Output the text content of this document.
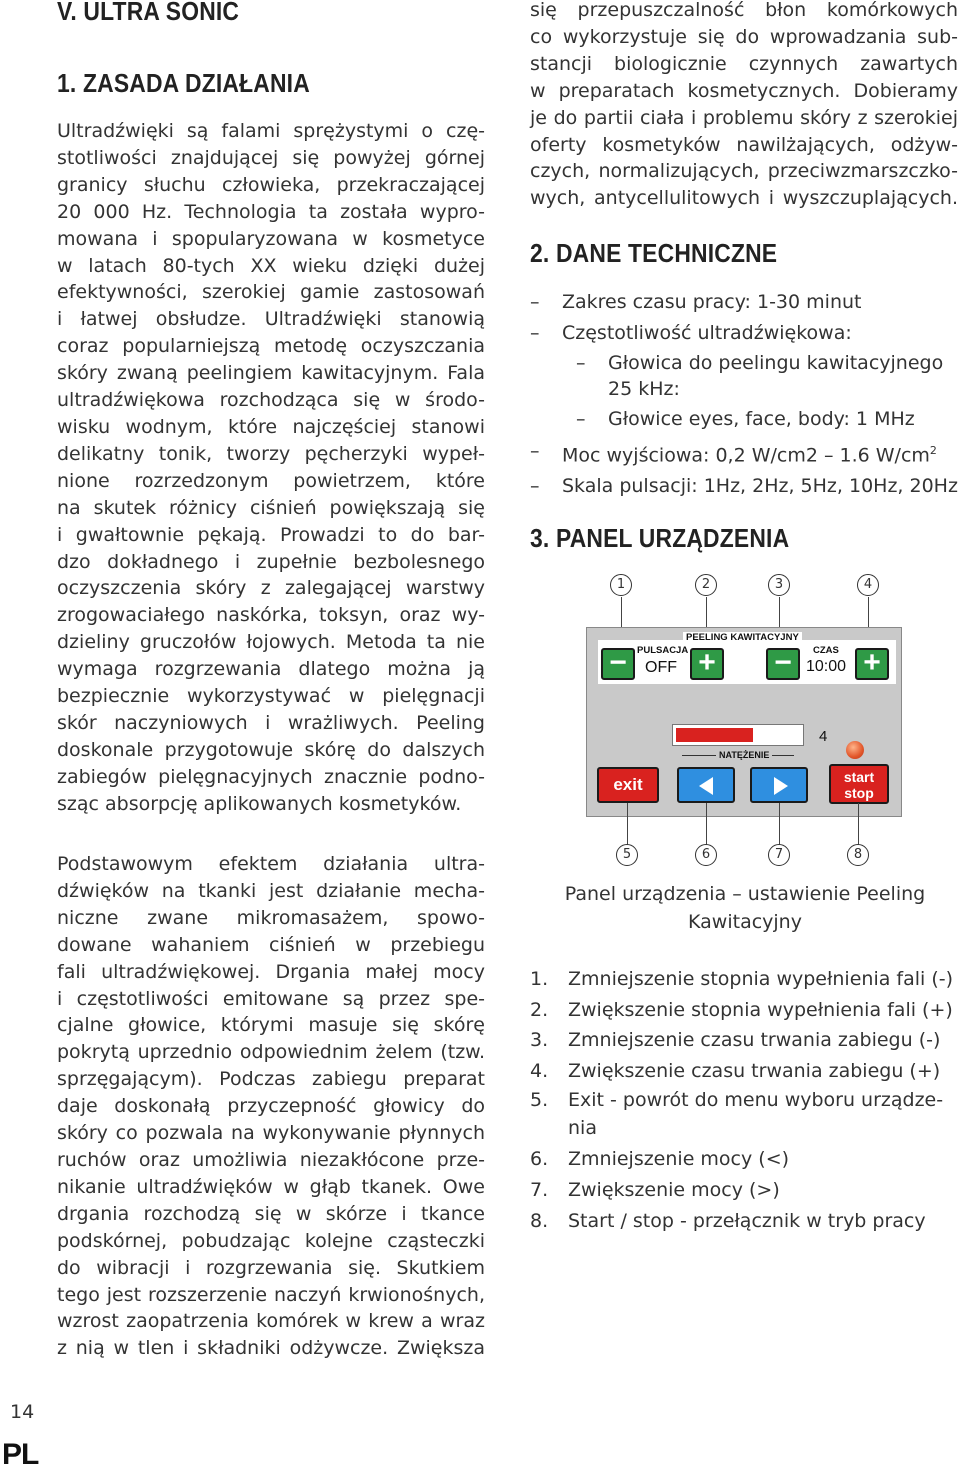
V. ULTRA SONIC
1. ZASADA DZIAŁANIA
Ultradźwięki są falami sprężystymi o czę-
stotliwości znajdującej się powyżej górnej
granicy słuchu człowieka, przekraczającej
20 000 Hz. Technologia ta została wypro-
mowana i spopularyzowana w kosmetyce
w latach 80-tych XX wieku dzięki dużej
efektywności, szerokiej gamie zastosowań
i łatwej obsłudze. Ultradźwięki stanowią
coraz popularniejszą metodę oczyszczania
skóry zwaną peelingiem kawitacyjnym. Fala
ultradźwiękowa rozchodząca się w środo-
wisku wodnym, które najczęściej stanowi
delikatny tonik, tworzy pęcherzyki wypeł-
nione rozrzedzonym powietrzem, które
na skutek różnicy ciśnień powiększają się
i gwałtownie pękają. Prowadzi to do bar-
dzo dokładnego i zupełnie bezbolesnego
oczyszczenia skóry z zalegającej warstwy
zrogowaciałego naskórka, toksyn, oraz wy-
dzieliny gruczołów łojowych. Metoda ta nie
wymaga rozgrzewania dlatego można ją
bezpiecznie wykorzystywać w pielęgnacji
skór naczyniowych i wrażliwych. Peeling
doskonale przygotowuje skórę do dalszych
zabiegów pielęgnacyjnych znacznie podno-
sząc absorpcję aplikowanych kosmetyków.
Podstawowym efektem działania ultra-
dźwięków na tkanki jest działanie mecha-
niczne zwane mikromasażem, spowo-
dowane wahaniem ciśnień w przebiegu
fali ultradźwiękowej. Drgania małej mocy
i częstotliwości emitowane są przez spe-
cjalne głowice, którymi masuje się skórę
pokrytą uprzednio odpowiednim żelem (tzw.
sprzęgającym). Podczas zabiegu preparat
daje doskonałą przyczepność głowicy do
skóry co pozwala na wykonywanie płynnych
ruchów oraz umożliwia niezakłócone prze-
nikanie ultradźwięków w głąb tkanek. Owe
drgania rozchodzą się w skórze i tkance
podskórnej, pobudzając kolejne cząsteczki
do wibracji i rozgrzewania się. Skutkiem
tego jest rozszerzenie naczyń krwionośnych,
wzrost zaopatrzenia komórek w krew a wraz
z nią w tlen i składniki odżywcze. Zwiększa
się przepuszczalność błon komórkowych
co wykorzystuje się do wprowadzania sub-
stancji biologicznie czynnych zawartych
w preparatach kosmetycznych. Dobieramy
je do partii ciała i problemu skóry z szerokiej
oferty kosmetyków nawilżających, odżyw-
czych, normalizujących, przeciwzmarszczko-
wych, antycellulitowych i wyszczuplających.
2. DANE TECHNICZNE
– Zakres czasu pracy: 1-30 minut
– Częstotliwość ultradźwiękowa:
– Głowica do peelingu kawitacyjnego
25 kHz:
– Głowice eyes, face, body: 1 MHz
– Moc wyjściowa: 0,2 W/cm2 – 1.6 $W/cm^2$
– Skala pulsacji: 1Hz, 2Hz, 5Hz, 10Hz, 20Hz
3. PANEL URZĄDZENIA
1	2	3	4
PEELING KAWITACYJNY
PULSACJA
OFF
CZAS
10:00
− + − +
4
NATĘŻENIE
exit	start
stop
5	6	7	8
Panel urządzenia – ustawienie Peeling
Kawitacyjny
1. Zmniejszenie stopnia wypełnienia fali (-)
2. Zwiększenie stopnia wypełnienia fali (+)
3. Zmniejszenie czasu trwania zabiegu (-)
4. Zwiększenie czasu trwania zabiegu (+)
5. Exit - powrót do menu wyboru urządze-
nia
6. Zmniejszenie mocy (<)
7. Zwiększenie mocy (>)
8. Start / stop - przełącznik w tryb pracy
14
PL
